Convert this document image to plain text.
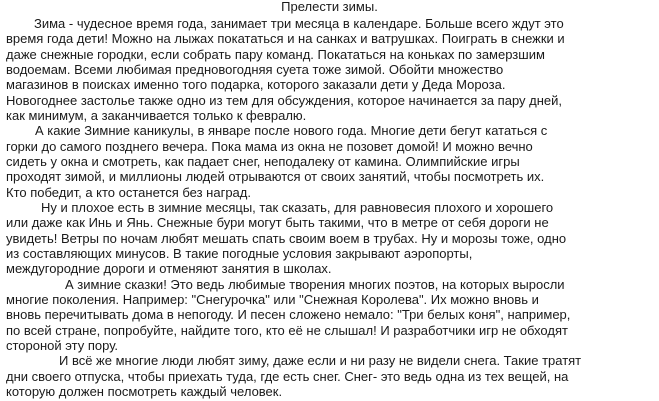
Прелести зимы.
Зима - чудесное время года, занимает три месяца в календаре. Больше всего ждут это
время года дети! Можно на лыжах покататься и на санках и ватрушках. Поиграть в снежки и
даже снежные городки, если собрать пару команд. Покататься на коньках по замерзшим
водоемам. Всеми любимая предновогодняя суета тоже зимой. Обойти множество
магазинов в поисках именно того подарка, которого заказали дети у Деда Мороза.
Новогоднее застолье также одно из тем для обсуждения, которое начинается за пару дней,
как минимум, а заканчивается только к февралю.
А какие Зимние каникулы, в январе после нового года. Многие дети бегут кататься с
горки до самого позднего вечера. Пока мама из окна не позовет домой! И можно вечно
сидеть у окна и смотреть, как падает снег, неподалеку от камина. Олимпийские игры
проходят зимой, и миллионы людей отрываются от своих занятий, чтобы посмотреть их.
Кто победит, а кто останется без наград.
Ну и плохое есть в зимние месяцы, так сказать, для равновесия плохого и хорошего
или даже как Инь и Янь. Снежные бури могут быть такими, что в метре от себя дороги не
увидеть! Ветры по ночам любят мешать спать своим воем в трубах. Ну и морозы тоже, одно
из составляющих минусов. В такие погодные условия закрывают аэропорты,
междугородние дороги и отменяют занятия в школах.
А зимние сказки! Это ведь любимые творения многих поэтов, на которых выросли
многие поколения. Например: "Снегурочка" или "Снежная Королева". Их можно вновь и
вновь перечитывать дома в непогоду. И песен сложено немало: "Три белых коня", например,
по всей стране, попробуйте, найдите того, кто её не слышал! И разработчики игр не обходят
стороной эту пору.
И всё же многие люди любят зиму, даже если и ни разу не видели снега. Такие тратят
дни своего отпуска, чтобы приехать туда, где есть снег. Снег- это ведь одна из тех вещей, на
которую должен посмотреть каждый человек.
